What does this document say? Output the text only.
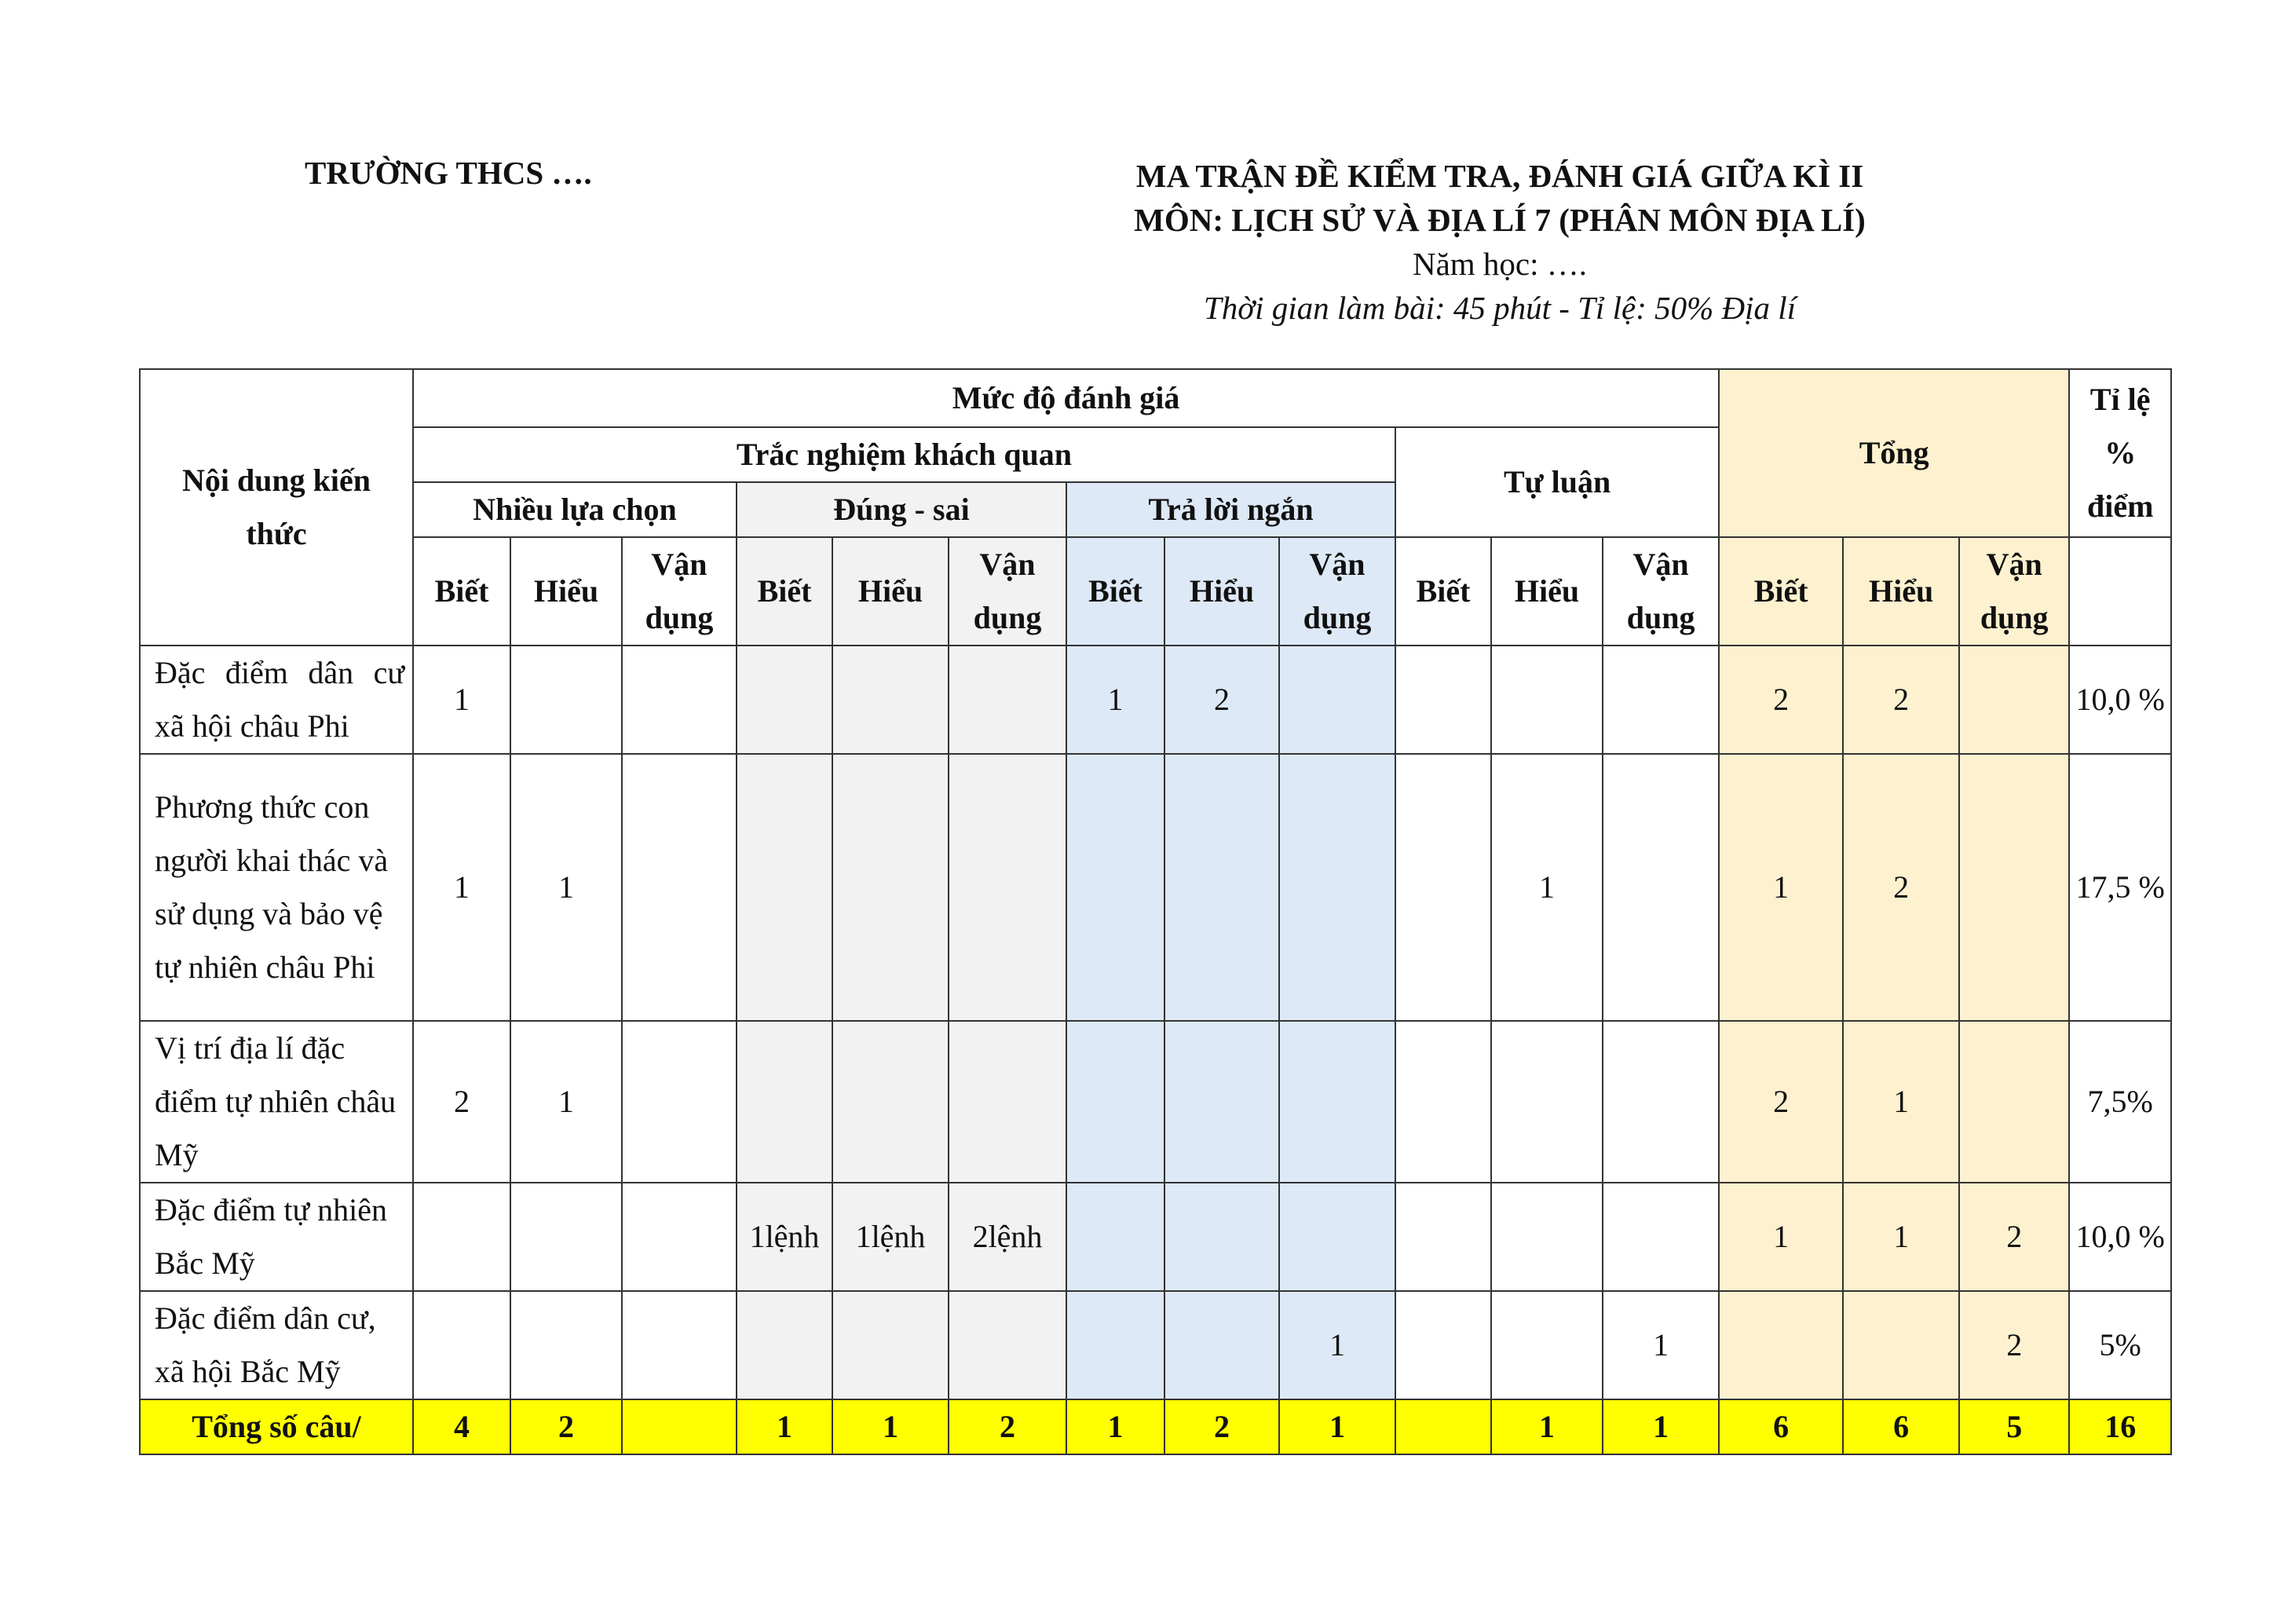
TRƯỜNG THCS ….	MA TRẬN ĐỀ KIỂM TRA, ĐÁNH GIÁ GIỮA KÌ II
MÔN: LỊCH SỬ VÀ ĐỊA LÍ 7 (PHÂN MÔN ĐỊA LÍ)
Năm học: ….
Thời gian làm bài: 45 phút - Tỉ lệ: 50% Địa lí
Nội dung kiến thức	Mức độ đánh giá												Tổng			Tỉ lệ % điểm
	Trắc nghiệm khách quan									Tự luận						
	Nhiều lựa chọn			Đúng - sai			Trả lời ngắn									
	Biết	Hiểu	Vận dụng	Biết	Hiểu	Vận dụng	Biết	Hiểu	Vận dụng	Biết	Hiểu	Vận dụng	Biết	Hiểu	Vận dụng	
Đặc điểm dân cư xã hội châu Phi	1						1	2					2	2		10,0 %
Phương thức con người khai thác và sử dụng và bảo vệ tự nhiên châu Phi	1	1									1		1	2		17,5 %
Vị trí địa lí đặc điểm tự nhiên châu Mỹ	2	1											2	1		7,5%
Đặc điểm tự nhiên Bắc Mỹ				1lệnh	1lệnh	2lệnh							1	1	2	10,0 %
Đặc điểm dân cư, xã hội Bắc Mỹ									1			1			2	5%
Tổng số câu/	4	2		1	1	2	1	2	1		1	1	6	6	5	16
